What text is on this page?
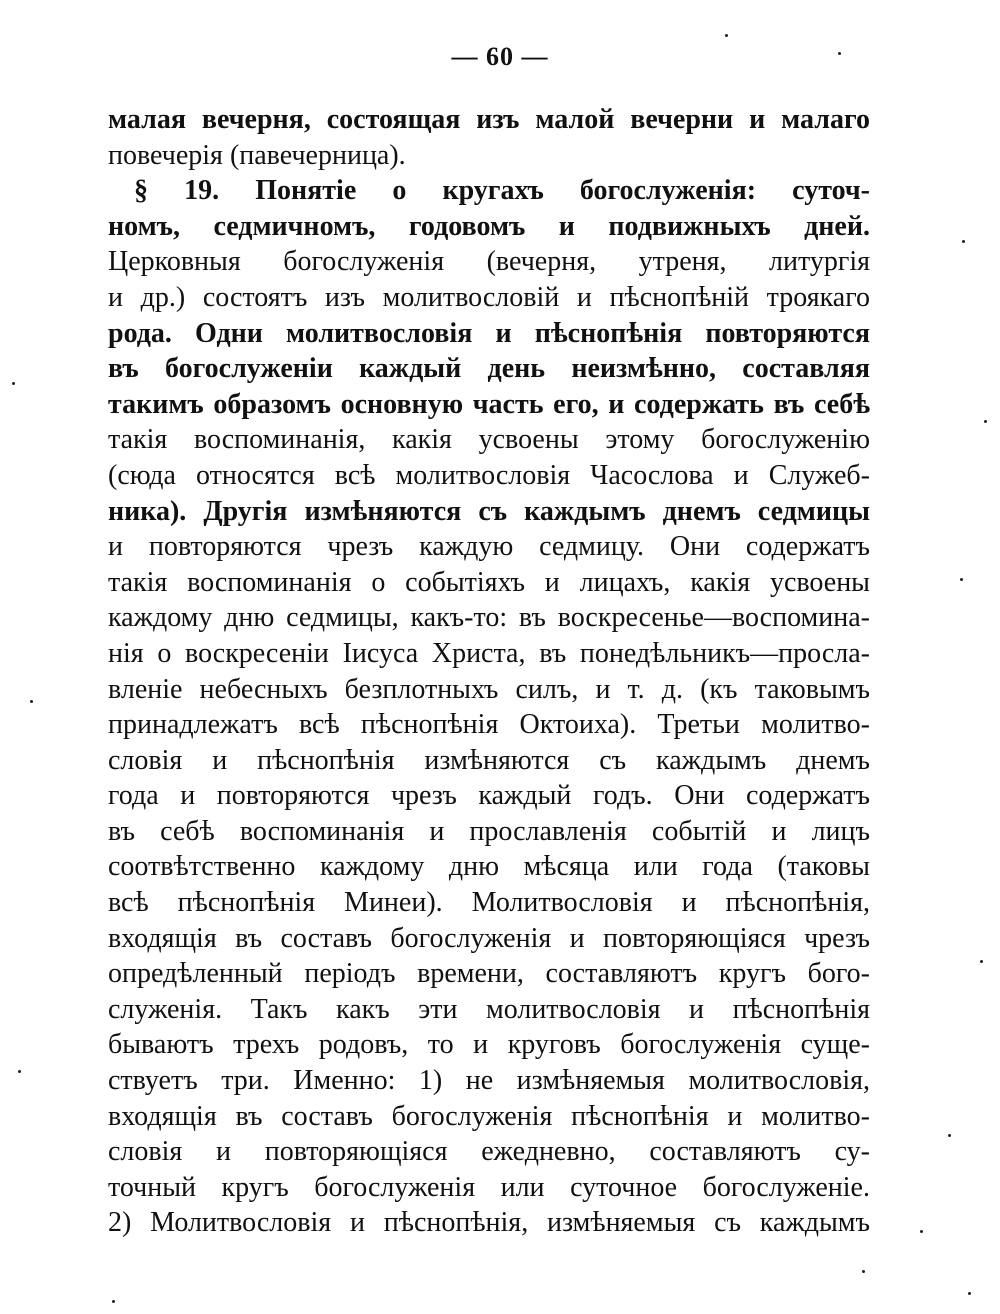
— 60 —
малая вечерня, состоящая изъ малой вечерни и малаго
повечерія (павечерница).
§ 19. Понятіе о кругахъ богослуженія: суточ-
номъ, седмичномъ, годовомъ и подвижныхъ дней.
Церковныя богослуженія (вечерня, утреня, литургія
и др.) состоятъ изъ молитвословій и пѣснопѣній троякаго
рода. Одни молитвословія и пѣснопѣнія повторяются
въ богослуженіи каждый день неизмѣнно, составляя
такимъ образомъ основную часть его, и содержать въ себѣ
такія воспоминанія, какія усвоены этому богослуженію
(сюда относятся всѣ молитвословія Часослова и Служеб-
ника). Другія измѣняются съ каждымъ днемъ седмицы
и повторяются чрезъ каждую седмицу. Они содержатъ
такія воспоминанія о событіяхъ и лицахъ, какія усвоены
каждому дню седмицы, какъ-то: въ воскресенье—воспомина-
нія о воскресеніи Іисуса Христа, въ понедѣльникъ—просла-
вленіе небесныхъ безплотныхъ силъ, и т. д. (къ таковымъ
принадлежатъ всѣ пѣснопѣнія Октоиха). Третьи молитво-
словія и пѣснопѣнія измѣняются съ каждымъ днемъ
года и повторяются чрезъ каждый годъ. Они содержатъ
въ себѣ воспоминанія и прославленія событій и лицъ
соотвѣтственно каждому дню мѣсяца или года (таковы
всѣ пѣснопѣнія Минеи). Молитвословія и пѣснопѣнія,
входящія въ составъ богослуженія и повторяющіяся чрезъ
опредѣленный періодъ времени, составляютъ кругъ бого-
служенія. Такъ какъ эти молитвословія и пѣснопѣнія
бываютъ трехъ родовъ, то и круговъ богослуженія суще-
ствуетъ три. Именно: 1) не измѣняемыя молитвословія,
входящія въ составъ богослуженія пѣснопѣнія и молитво-
словія и повторяющіяся ежедневно, составляютъ су-
точный кругъ богослуженія или суточное богослуженіе.
2) Молитвословія и пѣснопѣнія, измѣняемыя съ каждымъ
